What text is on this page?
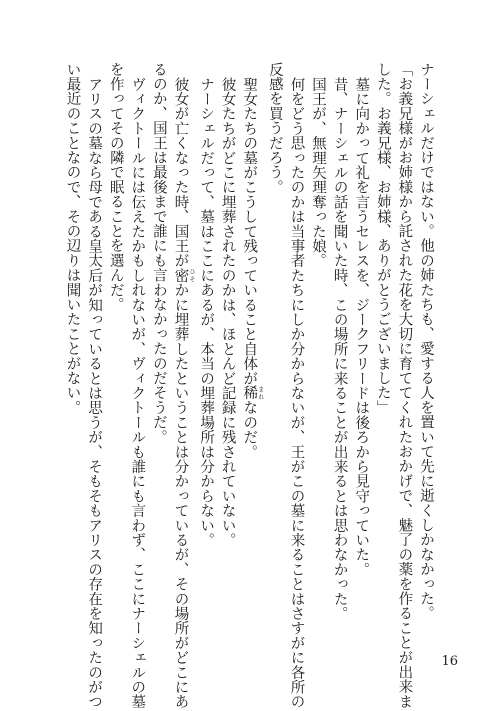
ナーシェルだけではない。他の姉たちも、愛する人を置いて先に逝くしかなかった。

「お義兄様がお姉様から託された花を大切に育ててくれたおかげで、魅了の薬を作ることが出来ま

した。お義兄様、お姉様、ありがとうございました」

墓に向かって礼を言うセレスを、ジークフリードは後ろから見守っていた。

昔、ナーシェルの話を聞いた時、この場所に来ることが出来るとは思わなかった。

国王が、無理矢理奪った娘。

何をどう思ったのかは当事者たちにしか分からないが、王がこの墓に来ることはさすがに各所の

反感を買うだろう。

聖女たちの墓がこうして残っていること自体が稀 まれなのだ。

彼女たちがどこに埋葬されたのかは、ほとんど記録に残されていない。

ナーシェルだって、墓はここにあるが、本当の埋葬場所は分からない。

彼女が亡くなった時、国王が密 ひそかに埋葬したということは分かっているが、その場所がどこにあ

るのか、国王は最後まで誰にも言わなかったのだそうだ。

ヴィクトールには伝えたかもしれないが、ヴィクトールも誰にも言わず、ここにナーシェルの墓

を作ってその隣で眠ることを選んだ。

アリスの墓なら母である皇太后が知っているとは思うが、そもそもアリスの存在を知ったのがつ

い最近のことなので、その辺りは聞いたことがない。

16
